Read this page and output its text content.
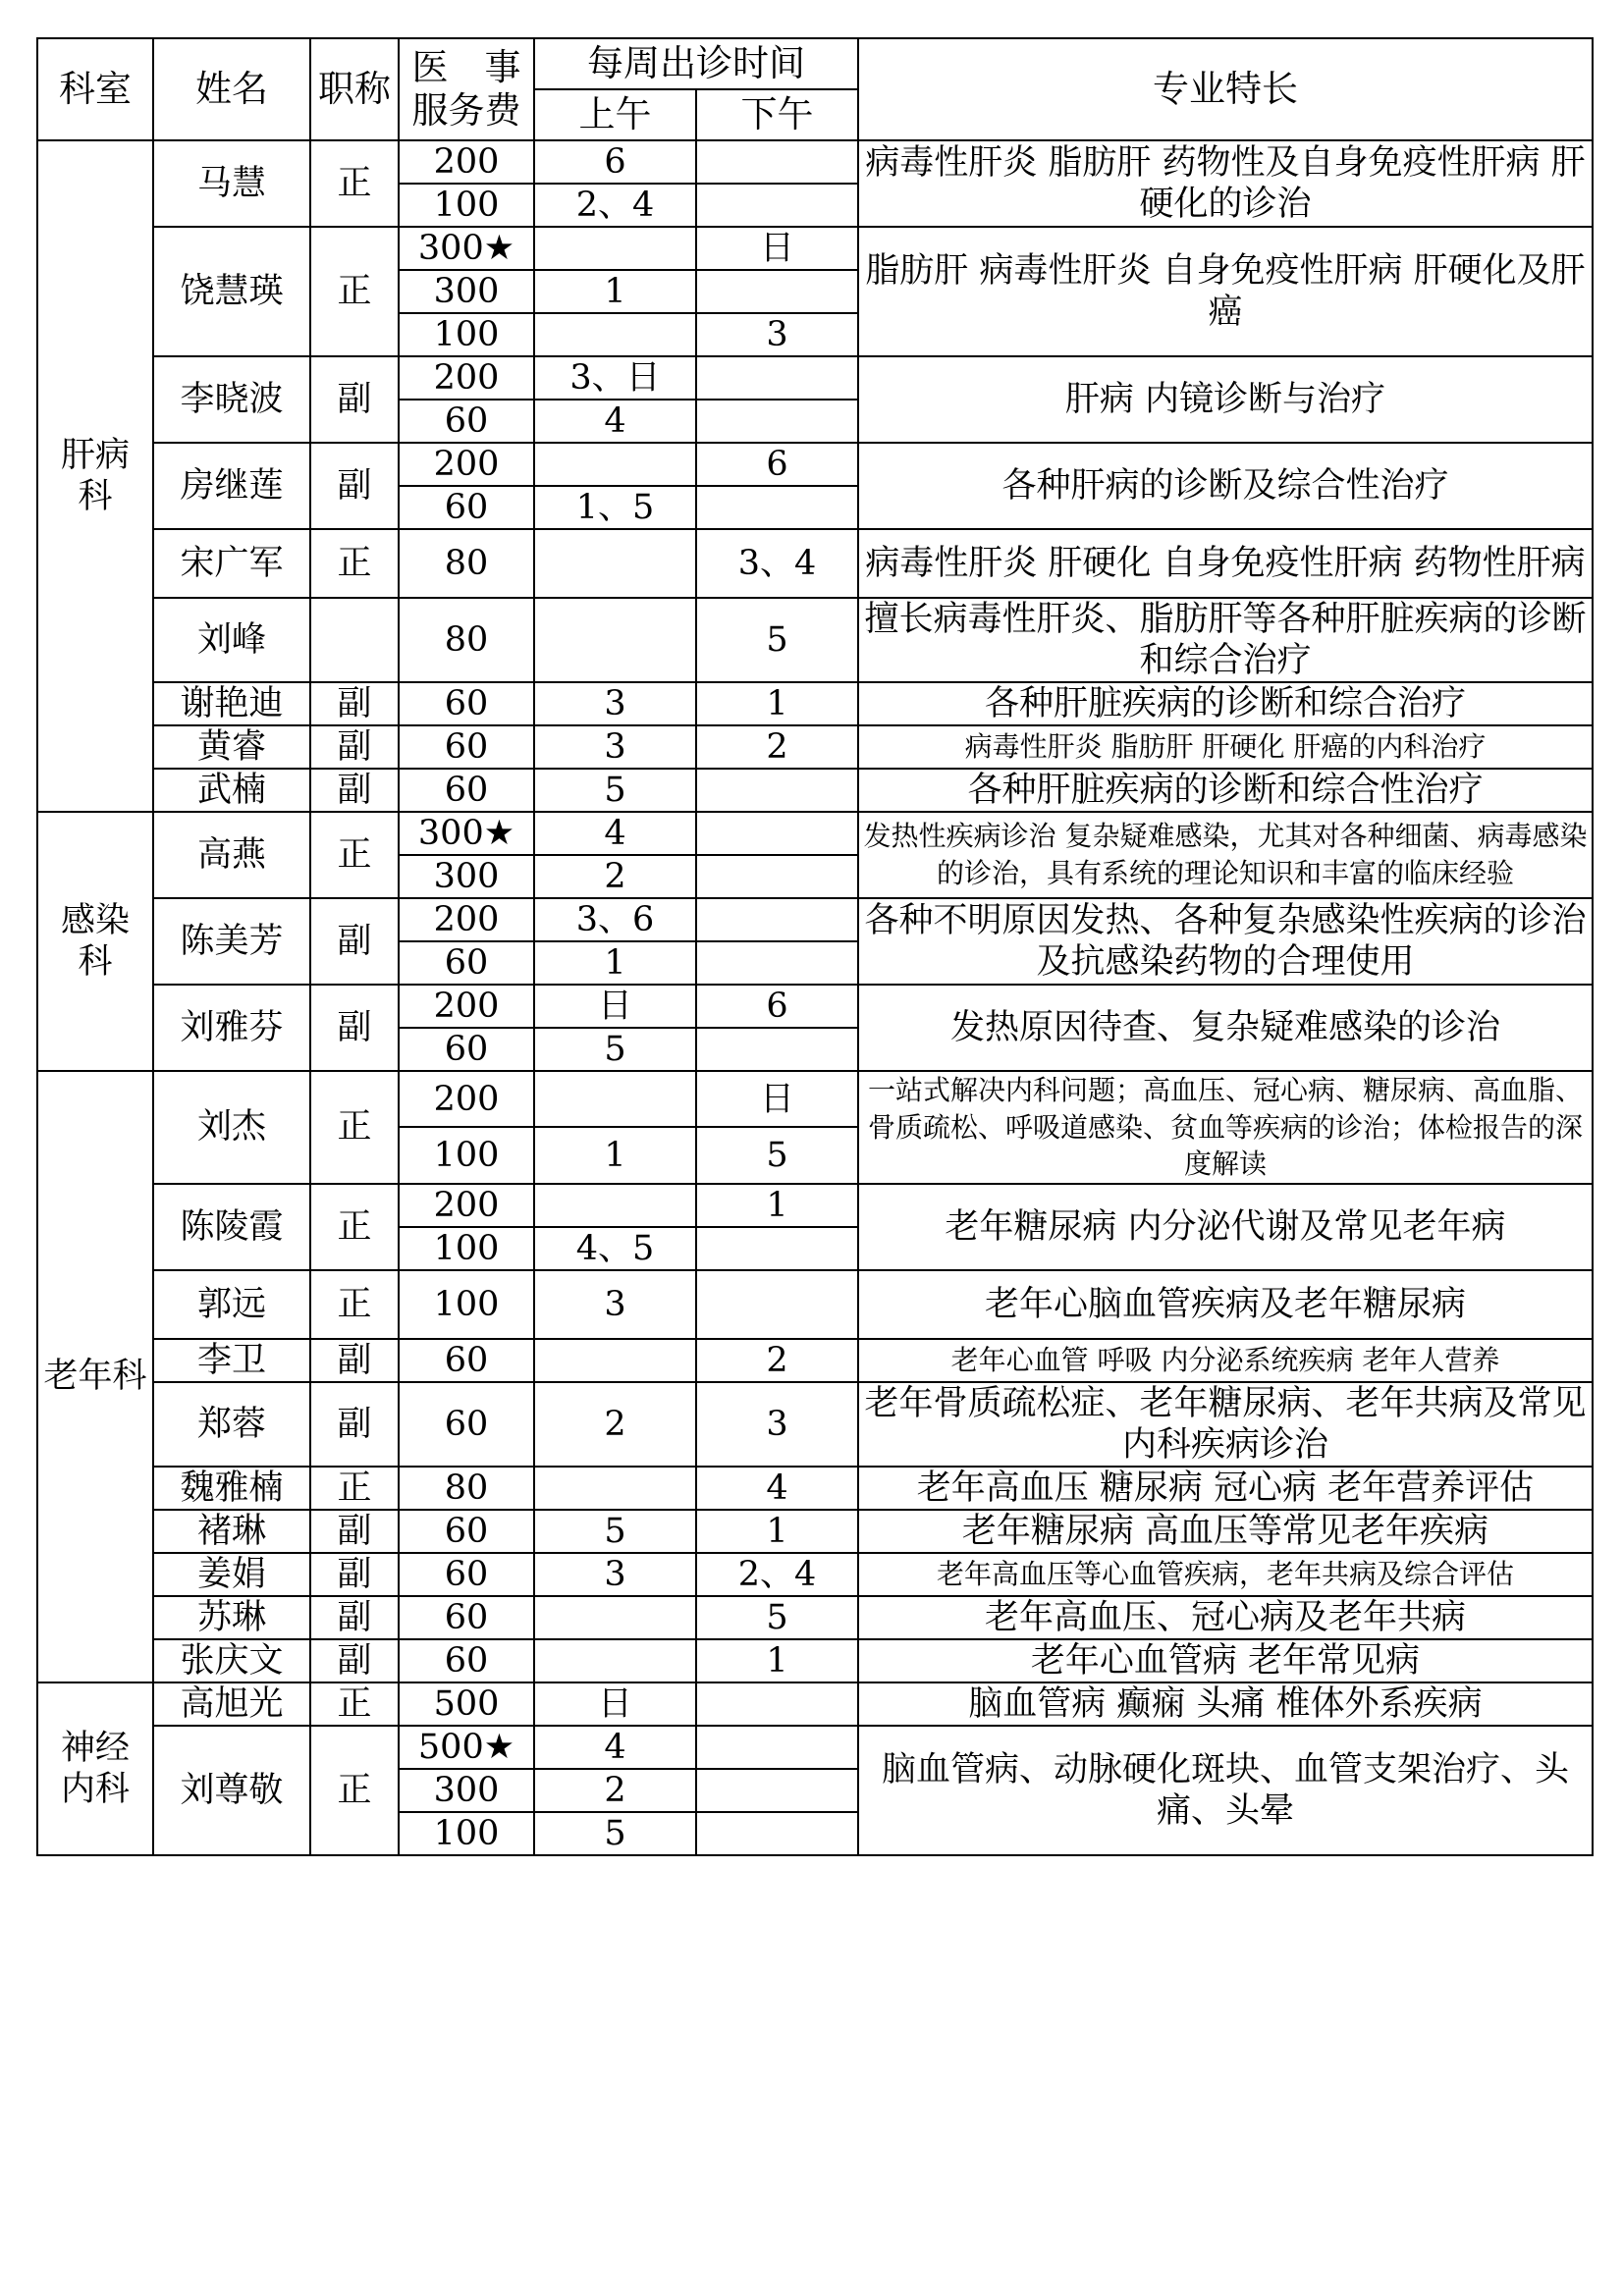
科室	姓名	职称	医　事
服务费	每周出诊时间		专业特长
				上午	下午	

肝病
科	马慧	正	200	6		病毒性肝炎 脂肪肝 药物性及自身免疫性肝病 肝硬化的诊治
			100	2、4		
	饶慧瑛	正	300★		日	脂肪肝 病毒性肝炎 自身免疫性肝病 肝硬化及肝癌
			300	1		
			100		3	
	李晓波	副	200	3、日		肝病 内镜诊断与治疗
			60	4		
	房继莲	副	200		6	各种肝病的诊断及综合性治疗
			60	1、5		
	宋广军	正	80		3、4	病毒性肝炎 肝硬化 自身免疫性肝病 药物性肝病
	刘峰		80		5	擅长病毒性肝炎、脂肪肝等各种肝脏疾病的诊断和综合治疗
	谢艳迪	副	60	3	1	各种肝脏疾病的诊断和综合治疗
	黄睿	副	60	3	2	病毒性肝炎 脂肪肝 肝硬化 肝癌的内科治疗
	武楠	副	60	5		各种肝脏疾病的诊断和综合性治疗

感染
科	高燕	正	300★	4		发热性疾病诊治 复杂疑难感染，尤其对各种细菌、病毒感染的诊治，具有系统的理论知识和丰富的临床经验
			300	2		
	陈美芳	副	200	3、6		各种不明原因发热、各种复杂感染性疾病的诊治及抗感染药物的合理使用
			60	1		
	刘雅芬	副	200	日	6	发热原因待查、复杂疑难感染的诊治
			60	5		

老年科	刘杰	正	200		日	一站式解决内科问题；高血压、冠心病、糖尿病、高血脂、骨质疏松、呼吸道感染、贫血等疾病的诊治；体检报告的深度解读
			100	1	5	
	陈陵霞	正	200		1	老年糖尿病 内分泌代谢及常见老年病
			100	4、5		
	郭远	正	100	3		老年心脑血管疾病及老年糖尿病
	李卫	副	60		2	老年心血管 呼吸 内分泌系统疾病 老年人营养
	郑蓉	副	60	2	3	老年骨质疏松症、老年糖尿病、老年共病及常见内科疾病诊治
	魏雅楠	正	80		4	老年高血压 糖尿病 冠心病 老年营养评估
	褚琳	副	60	5	1	老年糖尿病 高血压等常见老年疾病
	姜娟	副	60	3	2、4	老年高血压等心血管疾病，老年共病及综合评估
	苏琳	副	60		5	老年高血压、冠心病及老年共病
	张庆文	副	60		1	老年心血管病 老年常见病

神经
内科	高旭光	正	500	日		脑血管病 癫痫 头痛 椎体外系疾病
	刘尊敬	正	500★	4		脑血管病、动脉硬化斑块、血管支架治疗、头痛、头晕
			300	2		
			100	5		
